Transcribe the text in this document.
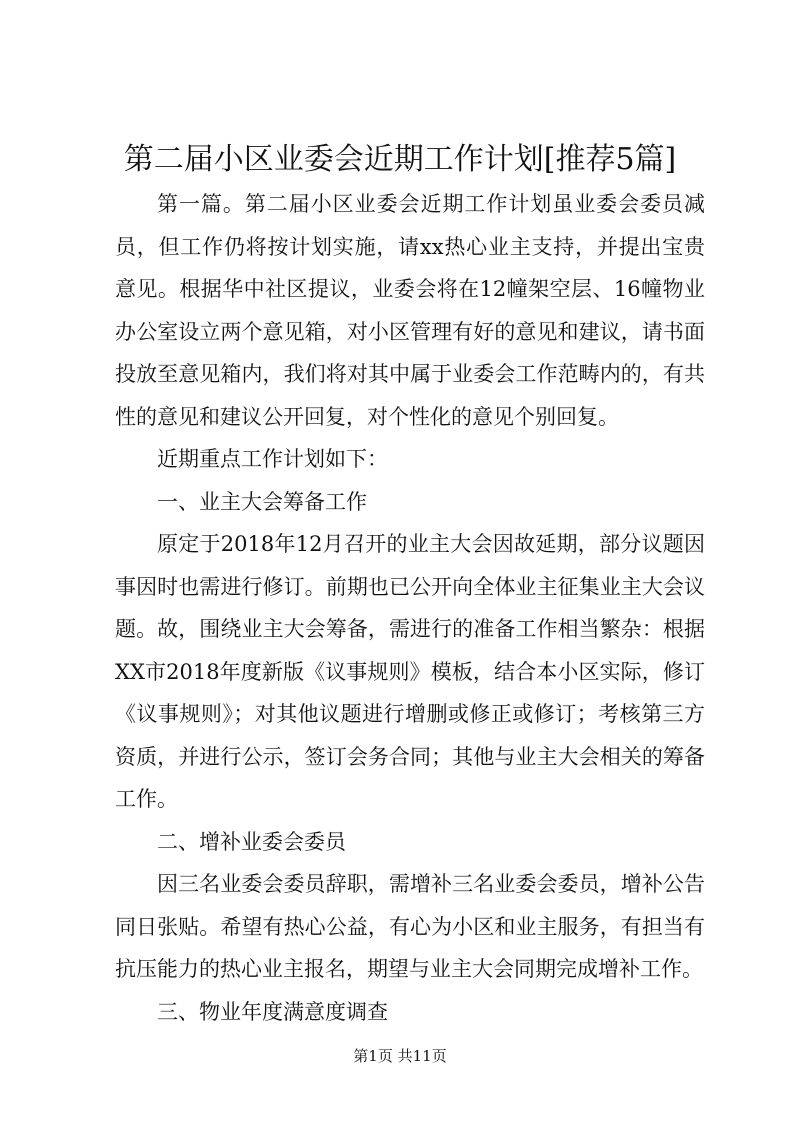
第二届小区业委会近期工作计划[推荐5篇]

第一篇。第二届小区业委会近期工作计划虽业委会委员减员，但工作仍将按计划实施，请xx热心业主支持，并提出宝贵意见。根据华中社区提议，业委会将在12幢架空层、16幢物业办公室设立两个意见箱，对小区管理有好的意见和建议，请书面投放至意见箱内，我们将对其中属于业委会工作范畴内的，有共性的意见和建议公开回复，对个性化的意见个别回复。

近期重点工作计划如下：

一、业主大会筹备工作

原定于2018年12月召开的业主大会因故延期，部分议题因事因时也需进行修订。前期也已公开向全体业主征集业主大会议题。故，围绕业主大会筹备，需进行的准备工作相当繁杂：根据XX市2018年度新版《议事规则》模板，结合本小区实际，修订《议事规则》；对其他议题进行增删或修正或修订；考核第三方资质，并进行公示，签订会务合同；其他与业主大会相关的筹备工作。

二、增补业委会委员

因三名业委会委员辞职，需增补三名业委会委员，增补公告同日张贴。希望有热心公益，有心为小区和业主服务，有担当有抗压能力的热心业主报名，期望与业主大会同期完成增补工作。

三、物业年度满意度调查

第1页 共11页
